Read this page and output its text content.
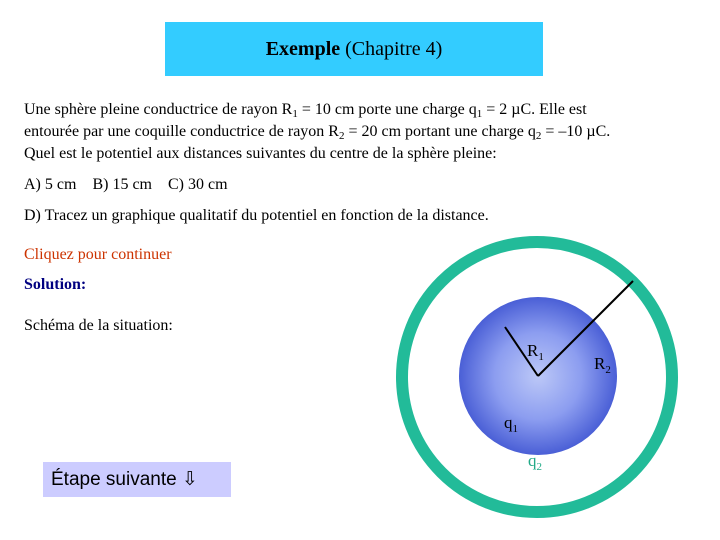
Exemple (Chapitre 4)
Une sphère pleine conductrice de rayon $R_1 = 10$ cm porte une charge $q_1 = 2$ µC. Elle est
entourée par une coquille conductrice de rayon $R_2 = 20$ cm portant une charge $q_2 = -10$ µC.
Quel est le potentiel aux distances suivantes du centre de la sphère pleine:
A) 5 cm B) 15 cm C) 30 cm
D) Tracez un graphique qualitatif du potentiel en fonction de la distance.
Cliquez pour continuer
Solution:
Schéma de la situation:
$R_1$	$R_2$
$q_1$
$q_2$
Étape suivante
⇩
